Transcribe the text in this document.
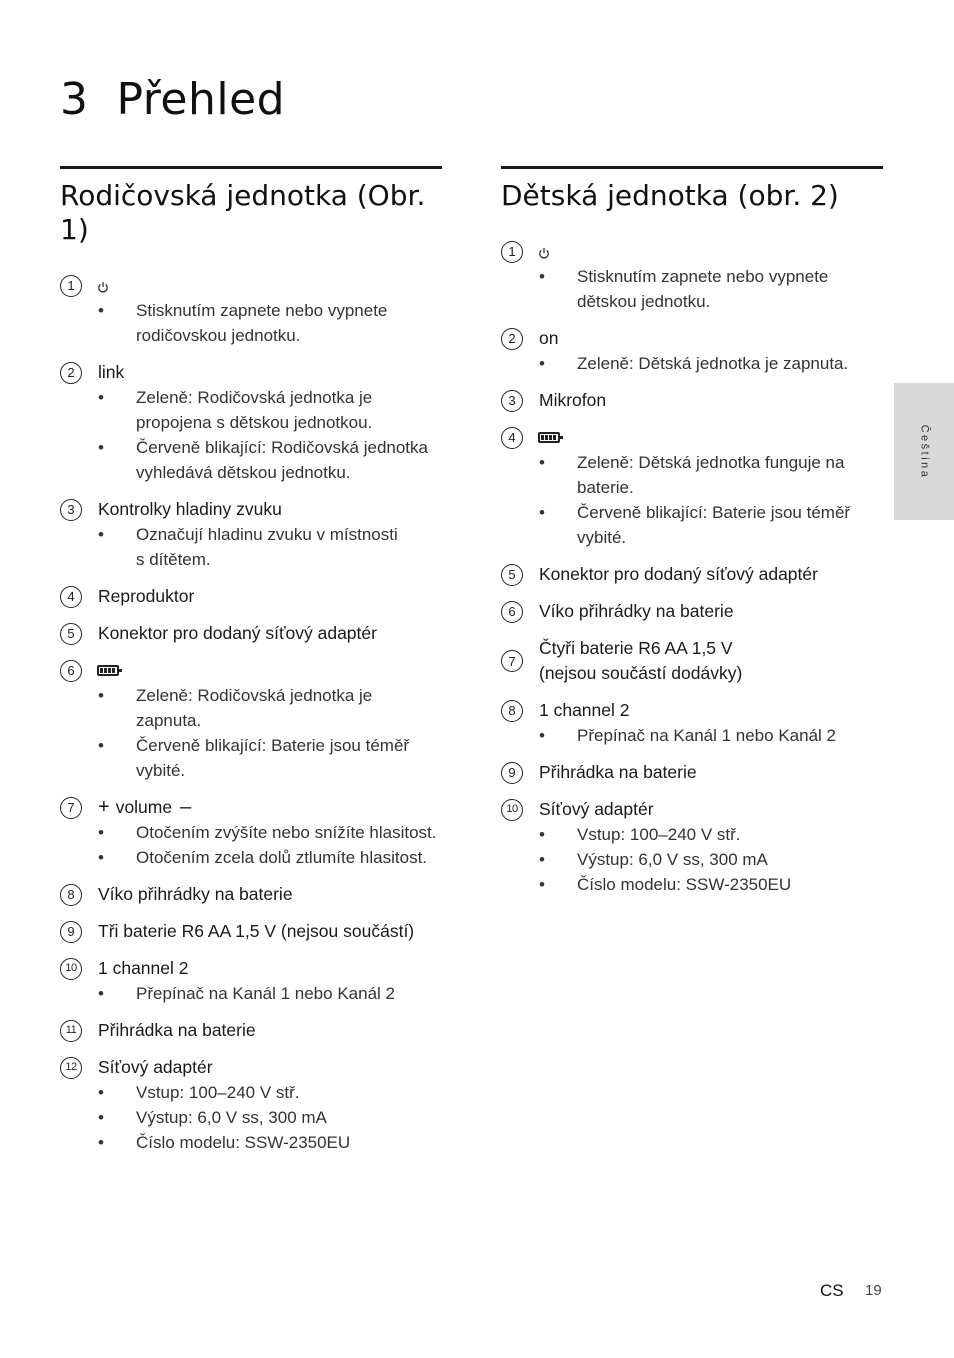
3 Přehled
Rodičovská jednotka (Obr. 1)
1
• Stisknutím zapnete nebo vypnete
rodičovskou jednotku.
2	link
• Zeleně: Rodičovská jednotka je
propojena s dětskou jednotkou.
• Červeně blikající: Rodičovská jednotka
vyhledává dětskou jednotku.
3	Kontrolky hladiny zvuku
• Označují hladinu zvuku v místnosti
s dítětem.
4	Reproduktor
5	Konektor pro dodaný síťový adaptér
6
• Zeleně: Rodičovská jednotka je zapnuta.
• Červeně blikající: Baterie jsou téměř
vybité.
7	+ volume –
• Otočením zvýšíte nebo snížíte hlasitost.
• Otočením zcela dolů ztlumíte hlasitost.
8	Víko přihrádky na baterie
9	Tři baterie R6 AA 1,5 V (nejsou součástí)
10	1 channel 2
• Přepínač na Kanál 1 nebo Kanál 2
11	Přihrádka na baterie
12	Síťový adaptér
• Vstup: 100–240 V stř.
• Výstup: 6,0 V ss, 300 mA
• Číslo modelu: SSW-2350EU
Dětská jednotka (obr. 2)
1
• Stisknutím zapnete nebo vypnete
dětskou jednotku.
2	on
• Zeleně: Dětská jednotka je zapnuta.
3	Mikrofon
4
• Zeleně: Dětská jednotka funguje na
baterie.
• Červeně blikající: Baterie jsou téměř
vybité.
5	Konektor pro dodaný síťový adaptér
6	Víko přihrádky na baterie
7
Čtyři baterie R6 AA 1,5 V
(nejsou součástí dodávky)
8	1 channel 2
• Přepínač na Kanál 1 nebo Kanál 2
9	Přihrádka na baterie
10	Síťový adaptér
• Vstup: 100–240 V stř.
• Výstup: 6,0 V ss, 300 mA
• Číslo modelu: SSW-2350EU
Čeština
CS 19
